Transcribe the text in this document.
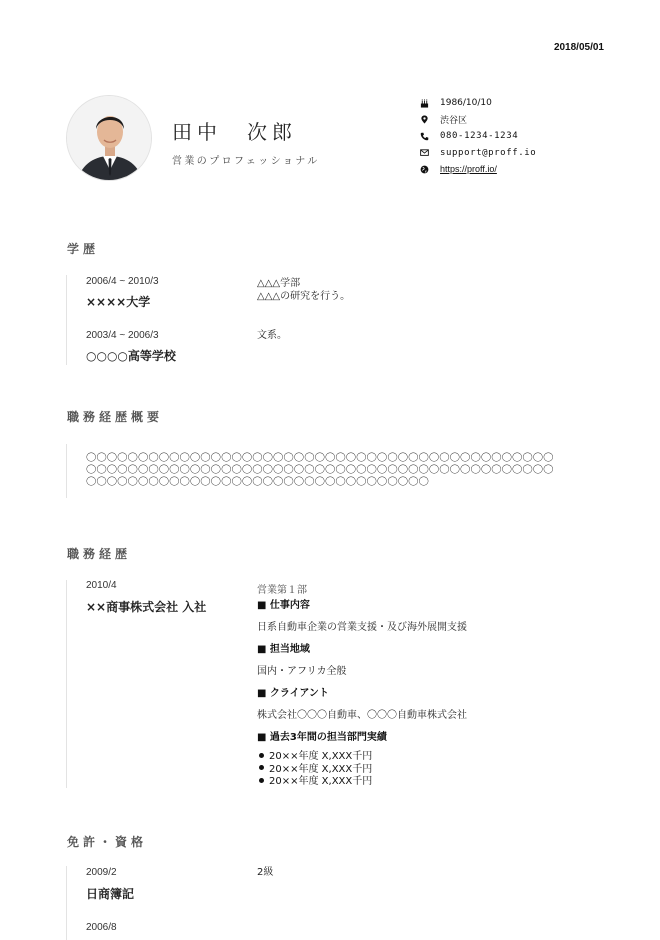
2018/05/01
田中　次郎
営業のプロフェッショナル
1986/10/10
渋谷区
080-1234-1234
support@proff.io
https://proff.io/
学歴
2006/4 ~ 2010/3
××××大学
△△△学部
△△△の研究を行う。
2003/4 ~ 2006/3
○○○○高等学校
文系。
職務経歴概要
〇〇〇〇〇〇〇〇〇〇〇〇〇〇〇〇〇〇〇〇〇〇〇〇〇〇〇〇〇〇〇〇〇〇〇〇〇〇〇〇〇〇〇〇〇
〇〇〇〇〇〇〇〇〇〇〇〇〇〇〇〇〇〇〇〇〇〇〇〇〇〇〇〇〇〇〇〇〇〇〇〇〇〇〇〇〇〇〇〇〇
〇〇〇〇〇〇〇〇〇〇〇〇〇〇〇〇〇〇〇〇〇〇〇〇〇〇〇〇〇〇〇〇〇
職務経歴
2010/4
××商事株式会社 入社
営業第１部
■ 仕事内容
日系自動車企業の営業支援・及び海外展開支援
■ 担当地域
国内・アフリカ全般
■ クライアント
株式会社〇〇〇自動車、〇〇〇自動車株式会社
■ 過去3年間の担当部門実績
20××年度 X,XXX千円
20××年度 X,XXX千円
20××年度 X,XXX千円
免許・資格
2009/2
日商簿記
2級
2006/8
